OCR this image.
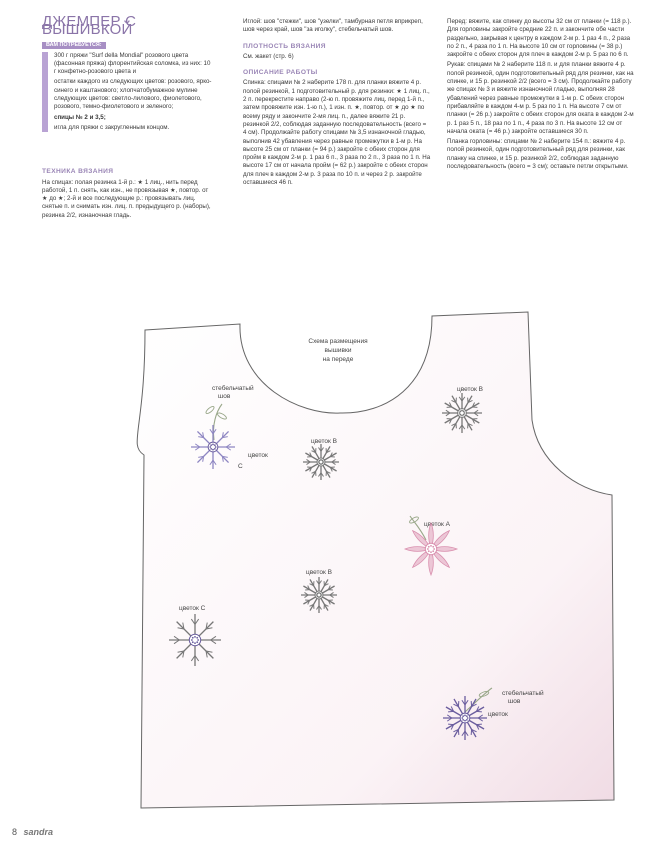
ДЖЕМПЕР С ВЫШИВКОЙ
ВАМ ПОТРЕБУЕТСЯ:

300 г пряжи "Surf della Mondial" розового цвета (фасонная пряжа) флорентийская соломка, из них: 10 г конфетно-розового цвета и

остатки каждого из следующих цветов: розового, ярко-синего и каштанового; хлопчатобумажное мулине следующих цветов: светло-лилового, фиолетового, розового, темно-фиолетового и зеленого;

спицы № 2 и 3,5;

игла для пряжи с закругленным концом.

ТЕХНИКА ВЯЗАНИЯ

На спицах: полая резинка 1-й р.: ★ 1 лиц., нить перед работой, 1 п. снять, как изн., не провязывая ★, повтор. от ★ до ★; 2-й и все последующие р.: провязывать лиц. снятые п. и снимать изн. лиц. п. предыдущего р. (наборы), резинка 2/2, изнаночная гладь.

Иглой: шов "стежки", шов "узелки", тамбурная петля вприкреп, шов через край, шов "за иголку", стебельчатый шов.

ПЛОТНОСТЬ ВЯЗАНИЯ

См. жакет (стр. 6)

ОПИСАНИЕ РАБОТЫ

Спинка: спицами № 2 наберите 178 п. для планки вяжите 4 р. полой резинкой, 1 подготовительный р. для резинки: ★ 1 лиц. п., 2 п. перекрестите направо (2-ю п. провяжите лиц. перед 1-й п., затем провяжите изн. 1-ю п.), 1 изн. п. ★, повтор. от ★ до ★ по всему ряду и закончите 2-мя лиц. п., далее вяжите 21 р. резинкой 2/2, соблюдая заданную последовательность (всего = 4 см). Продолжайте работу спицами № 3,5 изнаночной гладью, выполнив 42 убавления через равные промежутки в 1-м р. На высоте 25 см от планки (= 94 р.) закройте с обеих сторон для пройм в каждом 2-м р. 1 раз 6 п., 3 раза по 2 п., 3 раза по 1 п. На высоте 17 см от начала пройм (= 62 р.) закройте с обеих сторон для плеч в каждом 2-м р. 3 раза по 10 п. и через 2 р. закройте оставшиеся 46 п.

Перед: вяжите, как спинку до высоты 32 см от планки (= 118 р.). Для горловины закройте средние 22 п. и закончите обе части раздельно, закрывая к центру в каждом 2-м р. 1 раз 4 п., 2 раза по 2 п., 4 раза по 1 п. На высоте 10 см от горловины (= 38 р.) закройте с обеих сторон для плеч в каждом 2-м р. 5 раз по 6 п.

Рукав: спицами № 2 наберите 118 п. и для планки вяжите 4 р. полой резинкой, один подготовительный ряд для резинки, как на спинке, и 15 р. резинкой 2/2 (всего = 3 см). Продолжайте работу же спицах № 3 и вяжите изнаночной гладью, выполняя 28 убавлений через равные промежутки в 1-м р. С обеих сторон прибавляйте в каждом 4-м р. 5 раз по 1 п. На высоте 7 см от планки (= 26 р.) закройте с обеих сторон для оката в каждом 2-м р. 1 раз 5 п., 18 раз по 1 п., 4 раза по 3 п. На высоте 12 см от начала оката (= 46 р.) закройте оставшиеся 30 п.

Планка горловины: спицами № 2 наберите 154 п.: вяжите 4 р. полой резинкой, один подготовительный ряд для резинки, как планку на спинке, и 15 р. резинкой 2/2, соблюдая заданную последовательность (всего = 3 см); оставьте петли открытыми.

Схема размещения
вышивки
на переде
стебельчатый
шов
стебельчатый
шов
цветок B
цветок B
цветок
C
цветок A
цветок B
цветок C
цветок
8 sandra
